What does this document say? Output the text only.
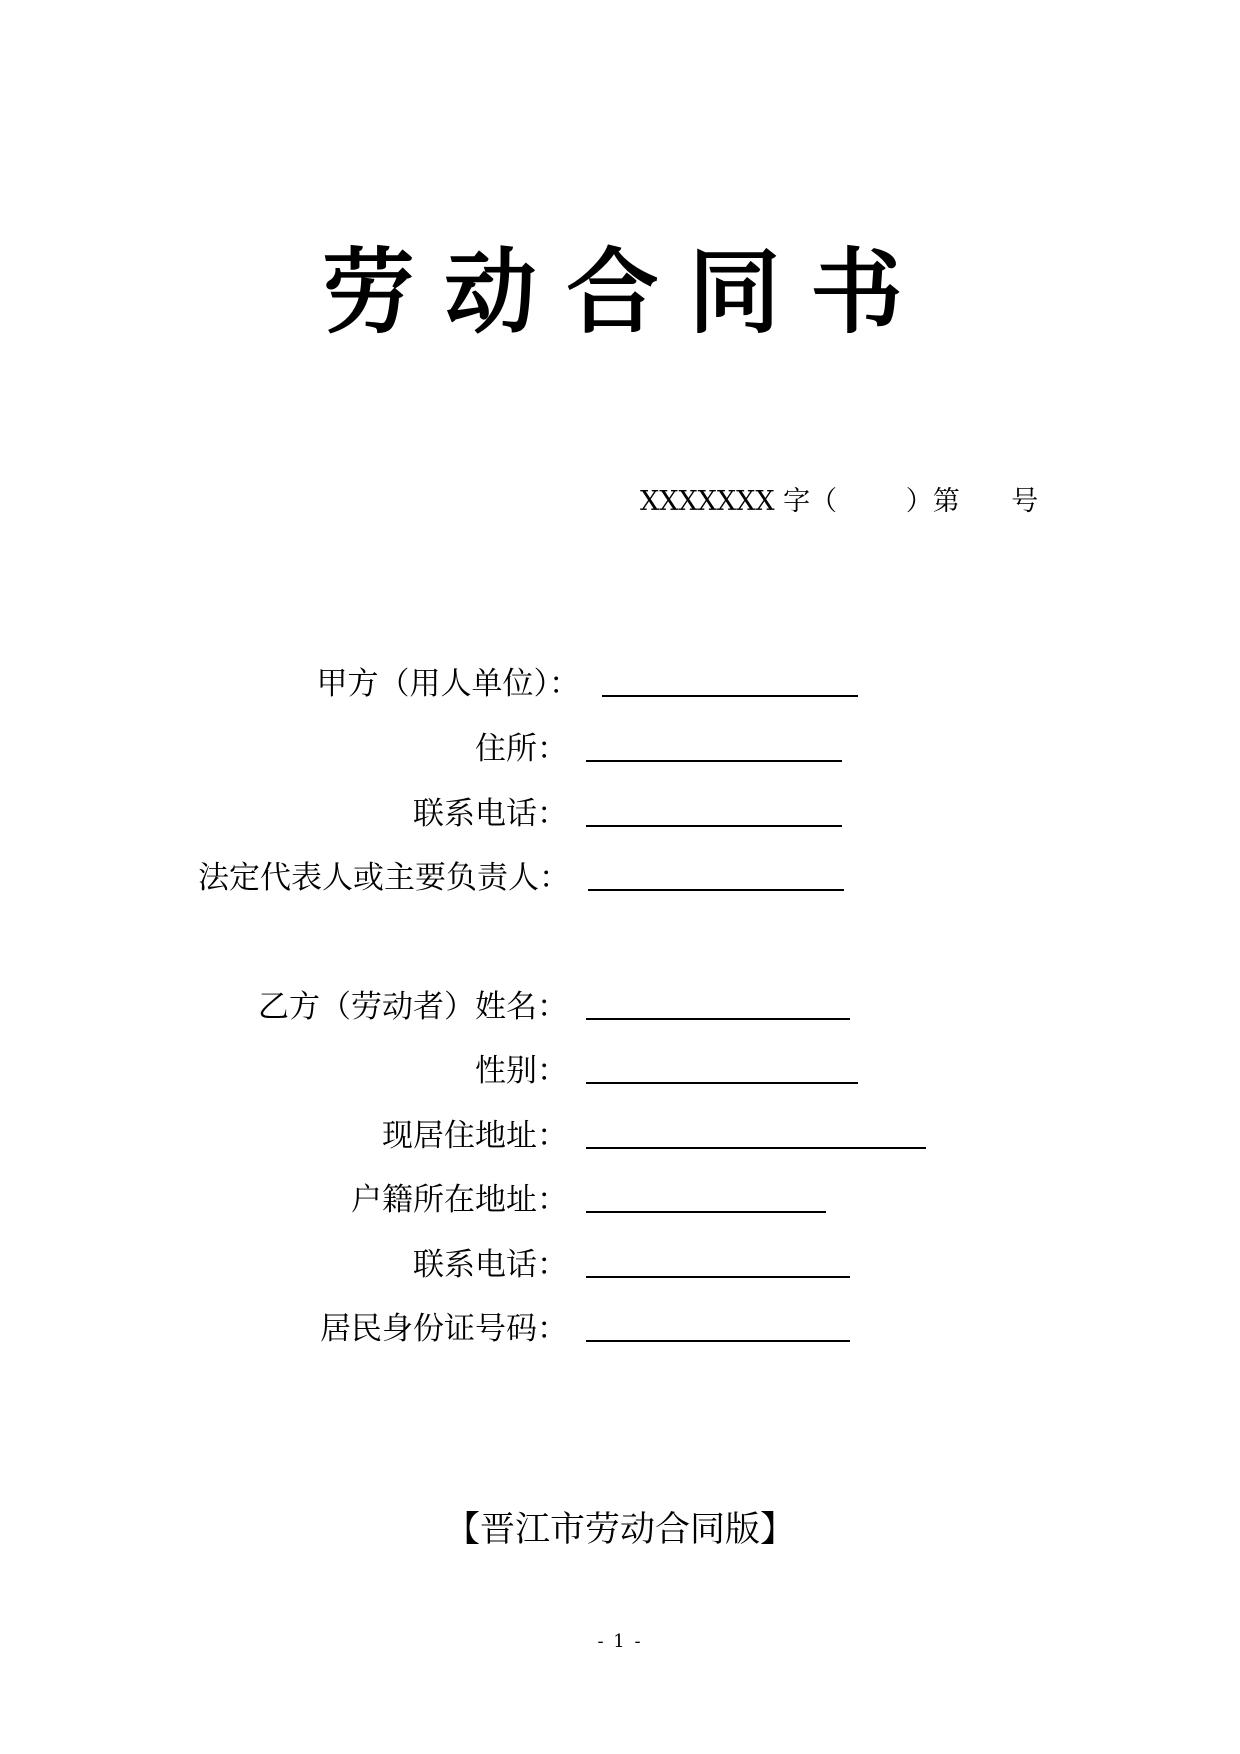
劳动合同书
XXXXXXX 字（        ）第      号
甲方（用人单位）：
住所：
联系电话：
法定代表人或主要负责人：
乙方（劳动者）姓名：
性别：
现居住地址：
户籍所在地址：
联系电话：
居民身份证号码：
【晋江市劳动合同版】
- 1 -
